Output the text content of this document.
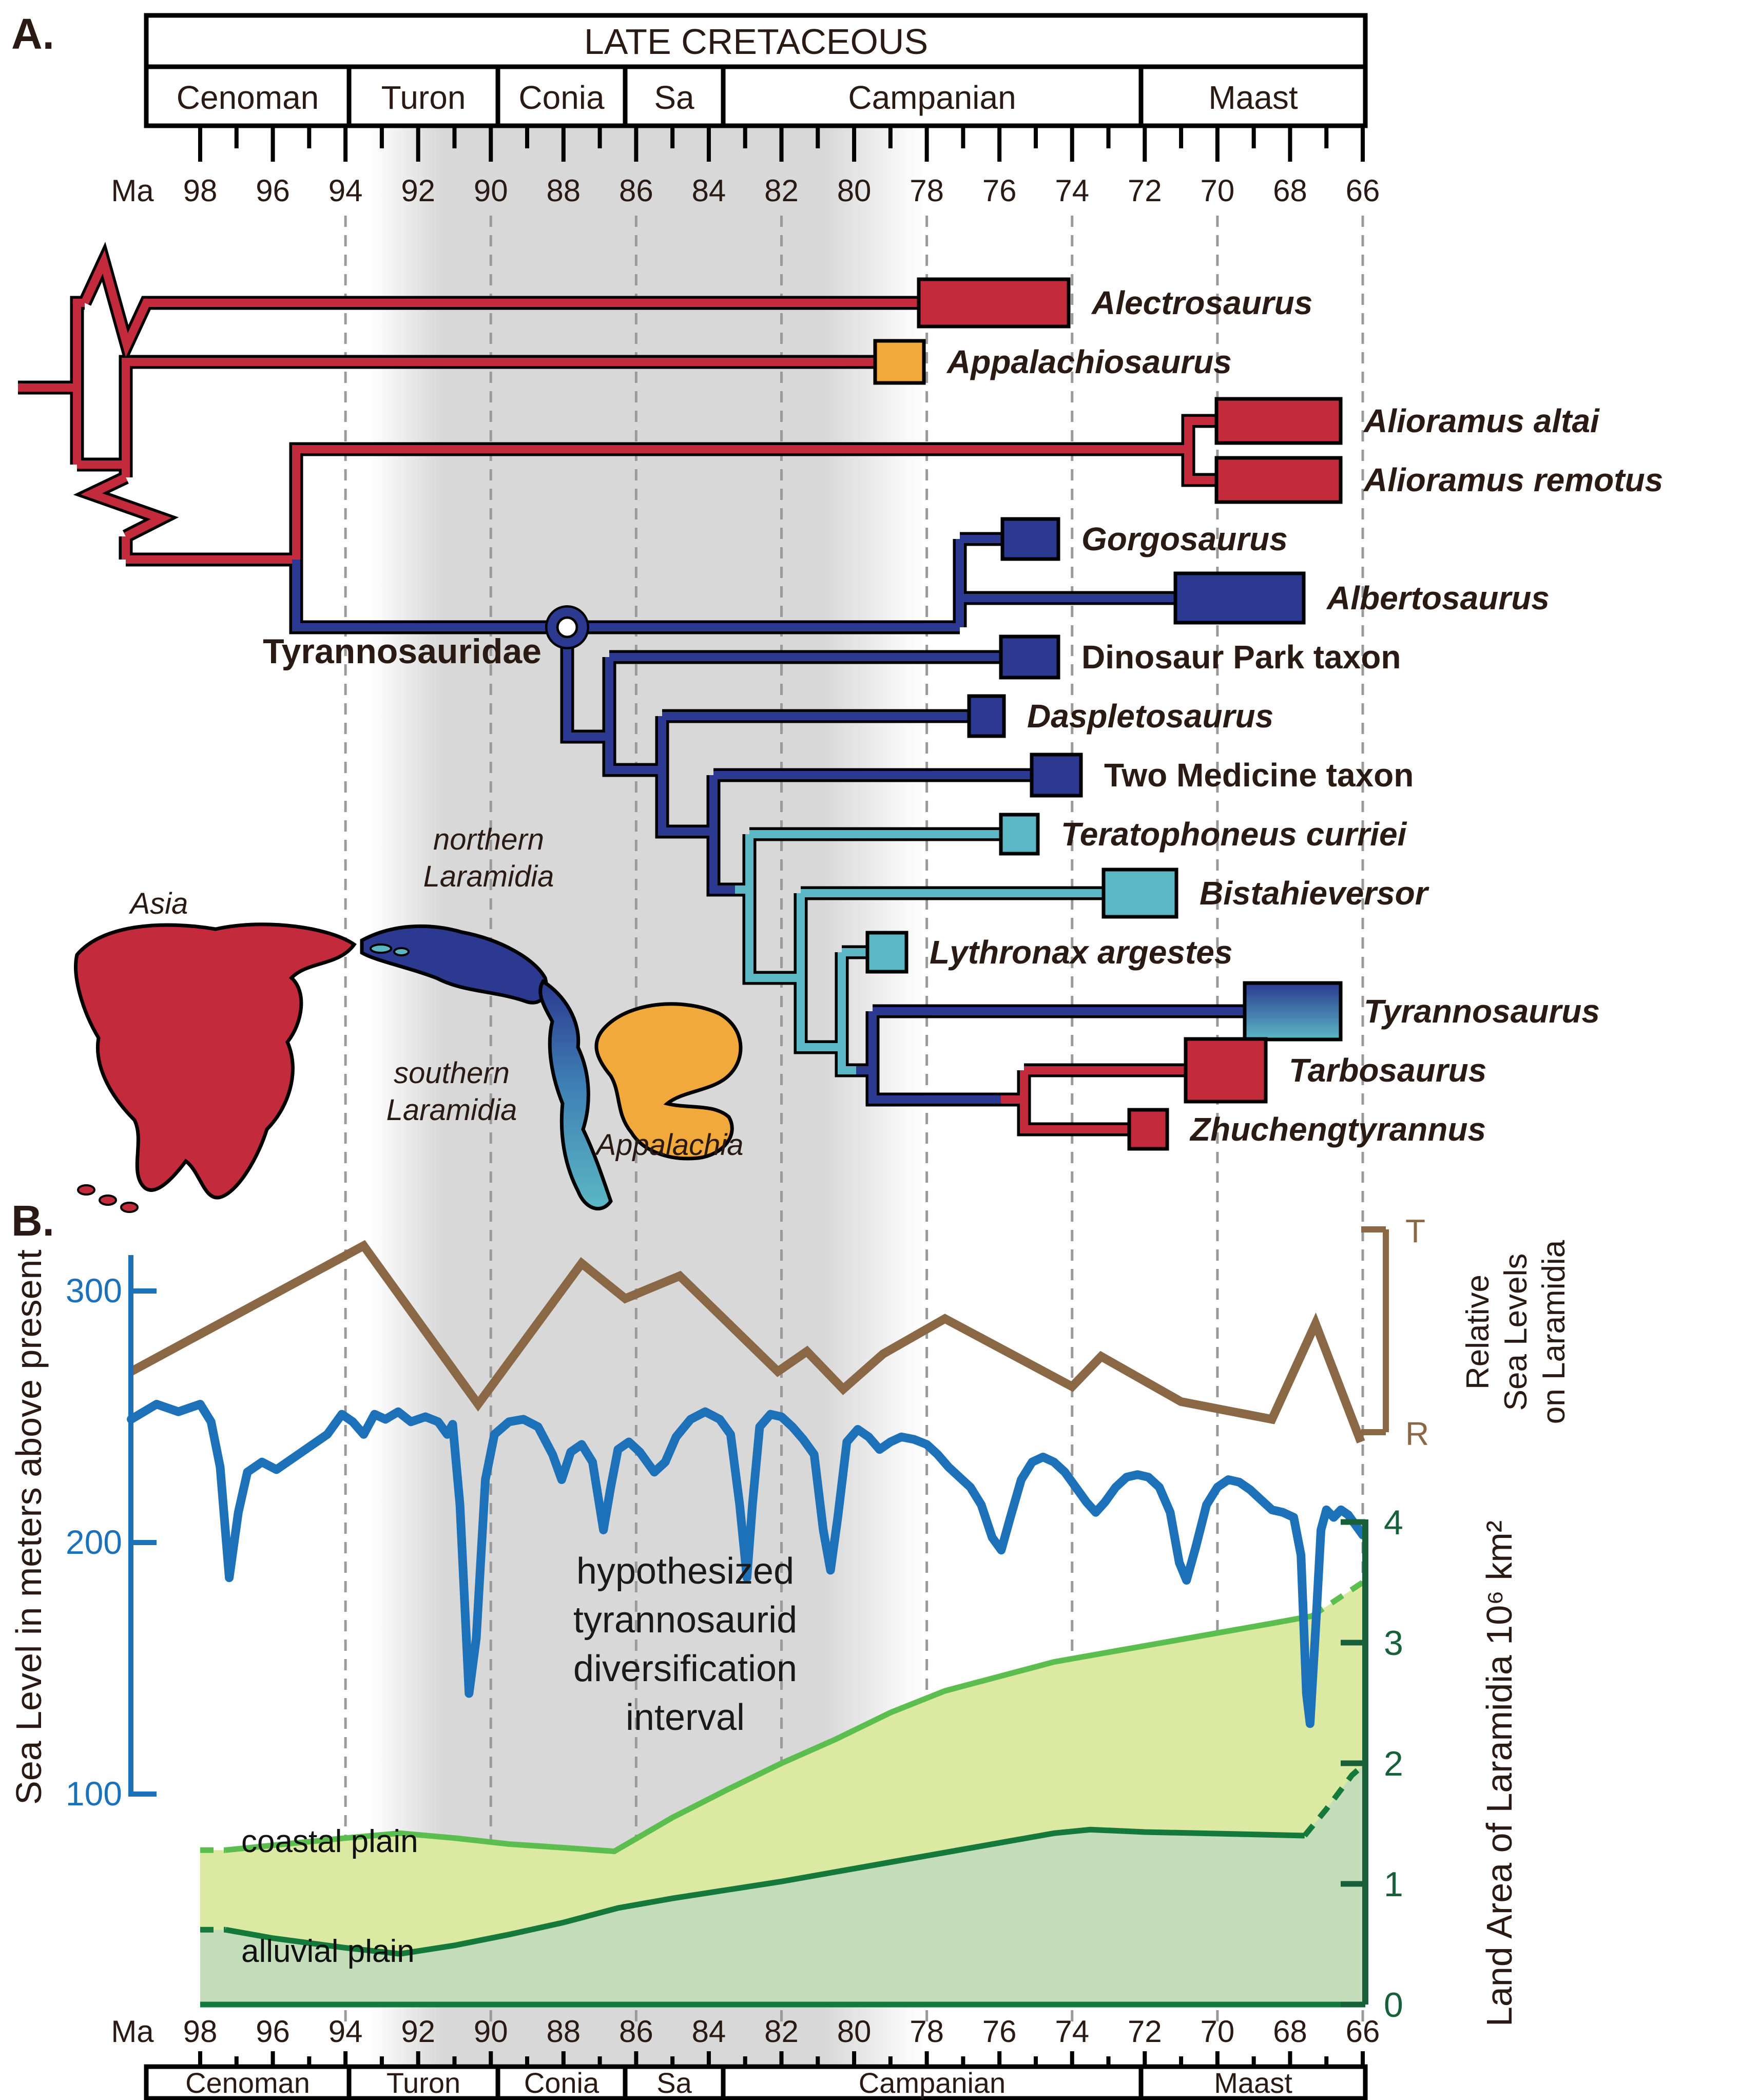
LATE CRETACEOUS
Cenoman Turon Conia Sa	Campanian	Maast
Ma 98 96 94 92 90 88 86 84 82 80 78 76 74 72 70 68 66
Asia
northern
Laramidia
southern
Laramidia
Appalachia
Alectrosaurus
Appalachiosaurus
Alioramus altai
Alioramus remotus
Gorgosaurus
Albertosaurus
Dinosaur Park taxon
Daspletosaurus
Two Medicine taxon
Teratophoneus curriei
Bistahieversor
Lythronax argestes
Tyrannosaurus
Tarbosaurus
Zhuchengtyrannus
Tyrannosauridae
300
200
100
Sea Level in meters above present	hypothesized
tyrannosaurid
diversification
interval
coastal plain
alluvial plain
T
R
RelativeSea Levelson Laramidia
4
3
2
1
0 Land Area of Laramidia 10⁶ km²
Ma 98 96 94 92 90 88 86 84 82 80 78 76 74 72 70 68 66
Cenoman	Turon Conia Sa	Campanian	Maast
A.
B.
